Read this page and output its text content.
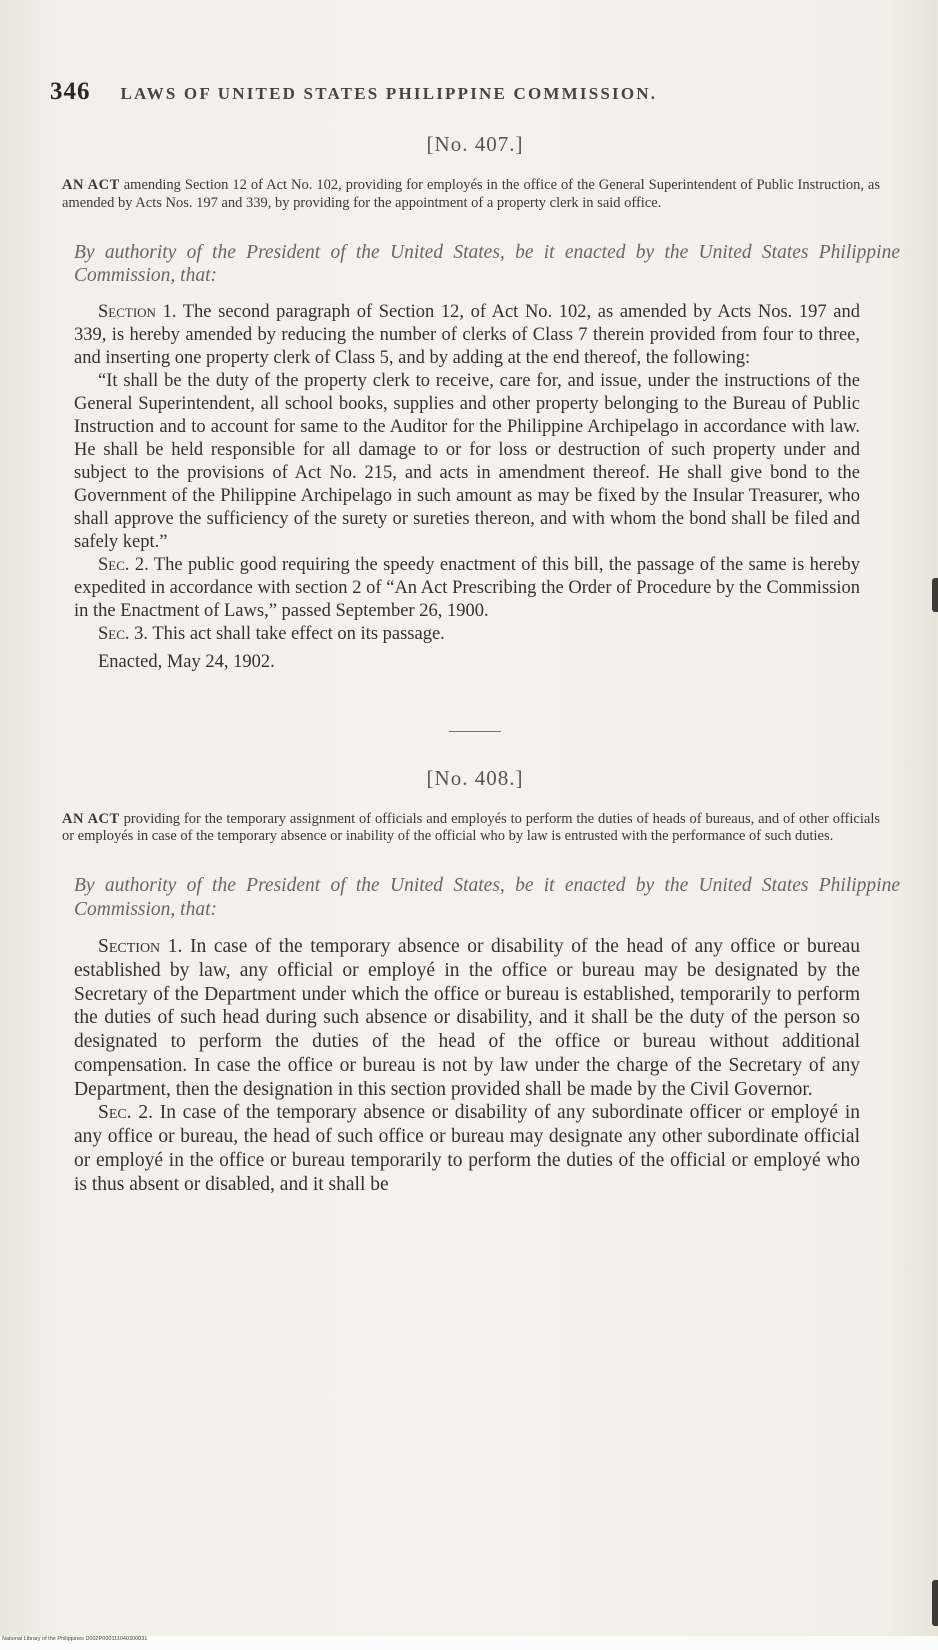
346 LAWS OF UNITED STATES PHILIPPINE COMMISSION.
[No. 407.]

AN ACT amending Section 12 of Act No. 102, providing for employés in the office of the General Superintendent of Public Instruction, as amended by Acts Nos. 197 and 339, by providing for the appointment of a property clerk in said office.

By authority of the President of the United States, be it enacted by the United States Philippine Commission, that:

Section 1. The second paragraph of Section 12, of Act No. 102, as amended by Acts Nos. 197 and 339, is hereby amended by reducing the number of clerks of Class 7 therein provided from four to three, and inserting one property clerk of Class 5, and by adding at the end thereof, the following:

“It shall be the duty of the property clerk to receive, care for, and issue, under the instructions of the General Superintendent, all school books, supplies and other property belonging to the Bureau of Public Instruction and to account for same to the Auditor for the Philippine Archipelago in accordance with law. He shall be held responsible for all damage to or for loss or destruction of such property under and subject to the provisions of Act No. 215, and acts in amendment thereof. He shall give bond to the Government of the Philippine Archipelago in such amount as may be fixed by the Insular Treasurer, who shall approve the sufficiency of the surety or sureties thereon, and with whom the bond shall be filed and safely kept.”

Sec. 2. The public good requiring the speedy enactment of this bill, the passage of the same is hereby expedited in accordance with section 2 of “An Act Prescribing the Order of Procedure by the Commission in the Enactment of Laws,” passed September 26, 1900.

Sec. 3. This act shall take effect on its passage.

Enacted, May 24, 1902.

[No. 408.]

AN ACT providing for the temporary assignment of officials and employés to perform the duties of heads of bureaus, and of other officials or employés in case of the temporary absence or inability of the official who by law is entrusted with the performance of such duties.

By authority of the President of the United States, be it enacted by the United States Philippine Commission, that:

Section 1. In case of the temporary absence or disability of the head of any office or bureau established by law, any official or employé in the office or bureau may be designated by the Secretary of the Department under which the office or bureau is established, temporarily to perform the duties of such head during such absence or disability, and it shall be the duty of the person so designated to perform the duties of the head of the office or bureau without additional compensation. In case the office or bureau is not by law under the charge of the Secretary of any Department, then the designation in this section provided shall be made by the Civil Governor.

Sec. 2. In case of the temporary absence or disability of any subordinate officer or employé in any office or bureau, the head of such office or bureau may designate any other subordinate official or employé in the office or bureau temporarily to perform the duties of the official or employé who is thus absent or disabled, and it shall be

National Library of the Philippines D002P000111040300031
